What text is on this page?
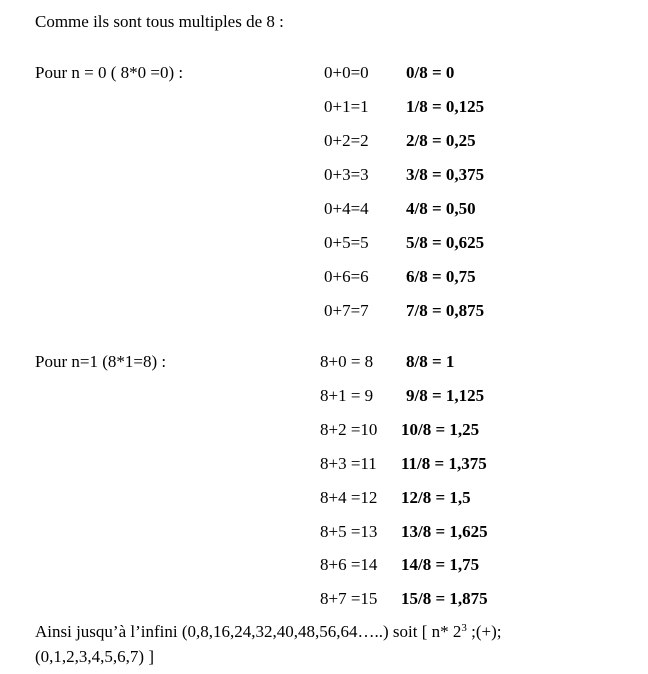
Comme ils sont tous multiples de 8 :
Pour n = 0 ( 8*0 =0) :	0+0=0 0/8 = 0
0+1=1 1/8 = 0,125
0+2=2 2/8 = 0,25
0+3=3 3/8 = 0,375
0+4=4 4/8 = 0,50
0+5=5 5/8 = 0,625
0+6=6 6/8 = 0,75
0+7=7 7/8 = 0,875
Pour n=1 (8*1=8) :	8+0 = 8 8/8 = 1
8+1 = 9 9/8 = 1,125
8+2 =10 10/8 = 1,25
8+3 =11 11/8 = 1,375
8+4 =12 12/8 = 1,5
8+5 =13 13/8 = 1,625
8+6 =14 14/8 = 1,75
8+7 =15 15/8 = 1,875
Ainsi jusqu’à l’infini (0,8,16,24,32,40,48,56,64…..) soit [ n* $2^3$ ;(+);
(0,1,2,3,4,5,6,7) ]
